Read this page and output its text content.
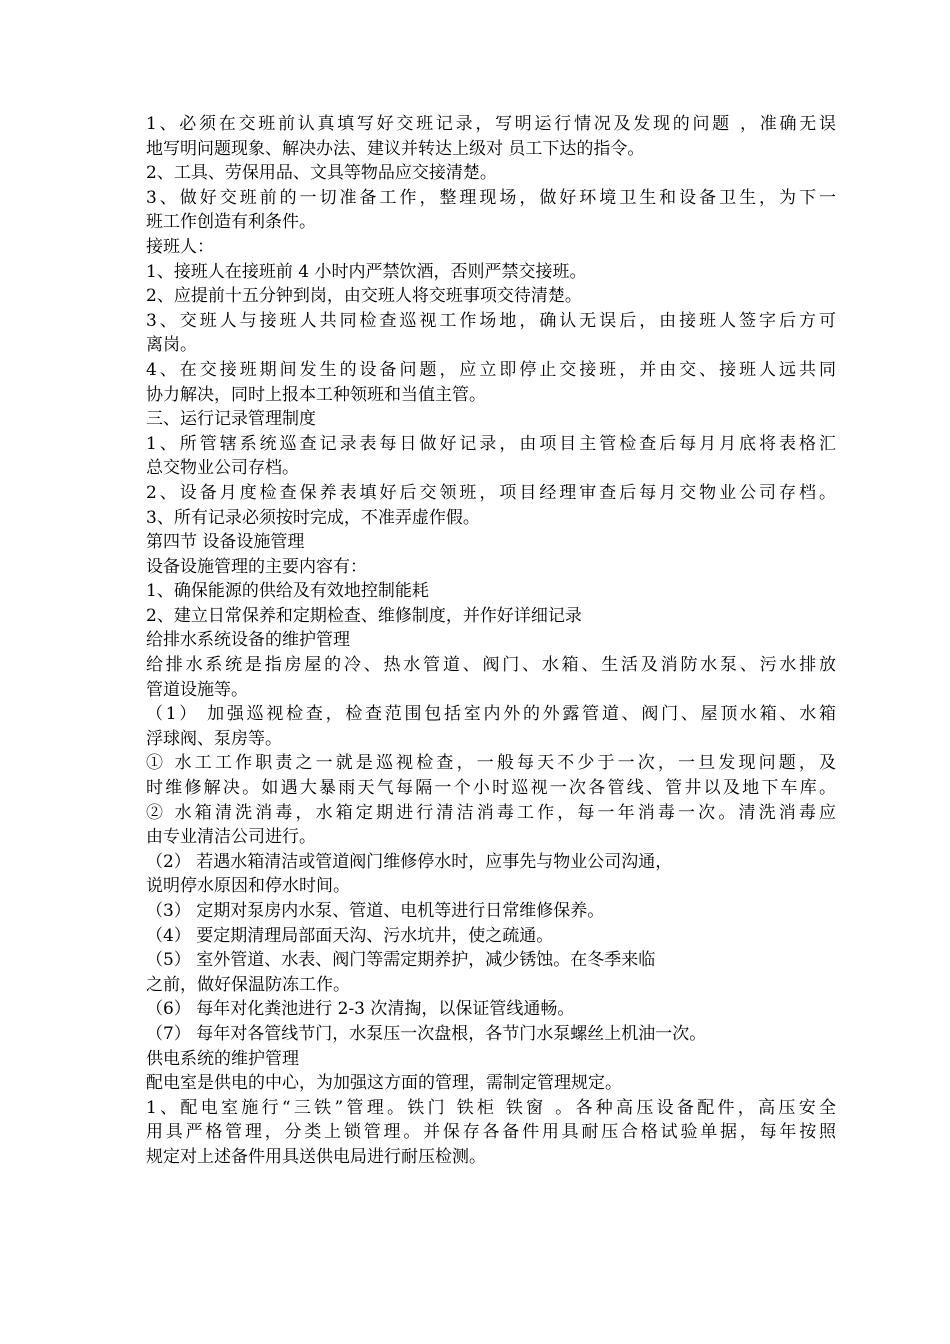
1、必须在交班前认真填写好交班记录，写明运行情况及发现的问题 ，准确无误
地写明问题现象、解决办法、建议并转达上级对 员工下达的指令。
2、工具、劳保用品、文具等物品应交接清楚。
3、做好交班前的一切准备工作，整理现场，做好环境卫生和设备卫生，为下一
班工作创造有利条件。
接班人：
1、接班人在接班前 4 小时内严禁饮酒，否则严禁交接班。
2、应提前十五分钟到岗，由交班人将交班事项交待清楚。
3、交班人与接班人共同检查巡视工作场地，确认无误后，由接班人签字后方可
离岗。
4、在交接班期间发生的设备问题，应立即停止交接班，并由交、接班人远共同
协力解决，同时上报本工种领班和当值主管。
三、运行记录管理制度
1、所管辖系统巡查记录表每日做好记录，由项目主管检查后每月月底将表格汇
总交物业公司存档。
2、设备月度检查保养表填好后交领班，项目经理审查后每月交物业公司存档。
3、所有记录必须按时完成，不准弄虚作假。
第四节 设备设施管理
设备设施管理的主要内容有：
1、确保能源的供给及有效地控制能耗
2、建立日常保养和定期检查、维修制度，并作好详细记录
给排水系统设备的维护管理
给排水系统是指房屋的冷、热水管道、阀门、水箱、生活及消防水泵、污水排放
管道设施等。
（1） 加强巡视检查，检查范围包括室内外的外露管道、阀门、屋顶水箱、水箱
浮球阀、泵房等。
① 水工工作职责之一就是巡视检查，一般每天不少于一次，一旦发现问题，及
时维修解决。如遇大暴雨天气每隔一个小时巡视一次各管线、管井以及地下车库。
② 水箱清洗消毒，水箱定期进行清洁消毒工作，每一年消毒一次。清洗消毒应
由专业清洁公司进行。
（2） 若遇水箱清洁或管道阀门维修停水时，应事先与物业公司沟通，
说明停水原因和停水时间。
（3） 定期对泵房内水泵、管道、电机等进行日常维修保养。
（4） 要定期清理局部面天沟、污水坑井，使之疏通。
（5） 室外管道、水表、阀门等需定期养护，减少锈蚀。在冬季来临
之前，做好保温防冻工作。
（6） 每年对化粪池进行 2-3 次清掏，以保证管线通畅。
（7） 每年对各管线节门，水泵压一次盘根，各节门水泵螺丝上机油一次。
供电系统的维护管理
配电室是供电的中心，为加强这方面的管理，需制定管理规定。
1、配电室施行“三铁”管理。铁门 铁柜 铁窗 。各种高压设备配件，高压安全
用具严格管理，分类上锁管理。并保存各备件用具耐压合格试验单据，每年按照
规定对上述备件用具送供电局进行耐压检测。
